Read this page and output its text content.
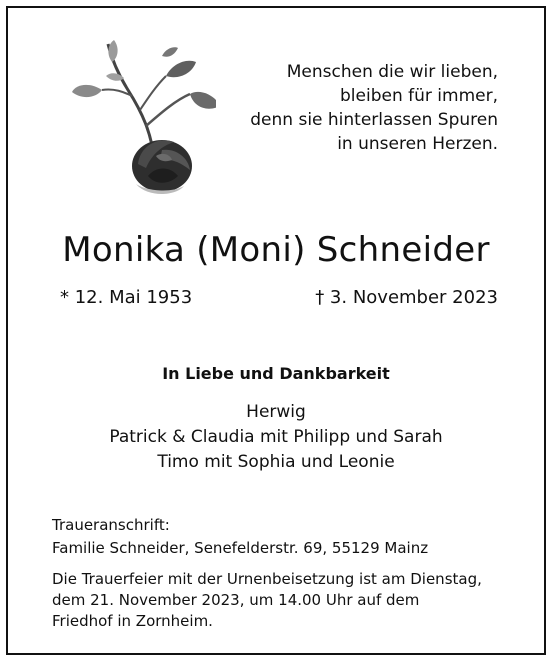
Menschen die wir lieben,
bleiben für immer,
denn sie hinterlassen Spuren
in unseren Herzen.
Monika (Moni) Schneider
* 12. Mai 1953	† 3. November 2023
In Liebe und Dankbarkeit
Herwig
Patrick & Claudia mit Philipp und Sarah
Timo mit Sophia und Leonie
Traueranschrift:
Familie Schneider, Senefelderstr. 69, 55129 Mainz
Die Trauerfeier mit der Urnenbeisetzung ist am Dienstag,
dem 21. November 2023, um 14.00 Uhr auf dem
Friedhof in Zornheim.
